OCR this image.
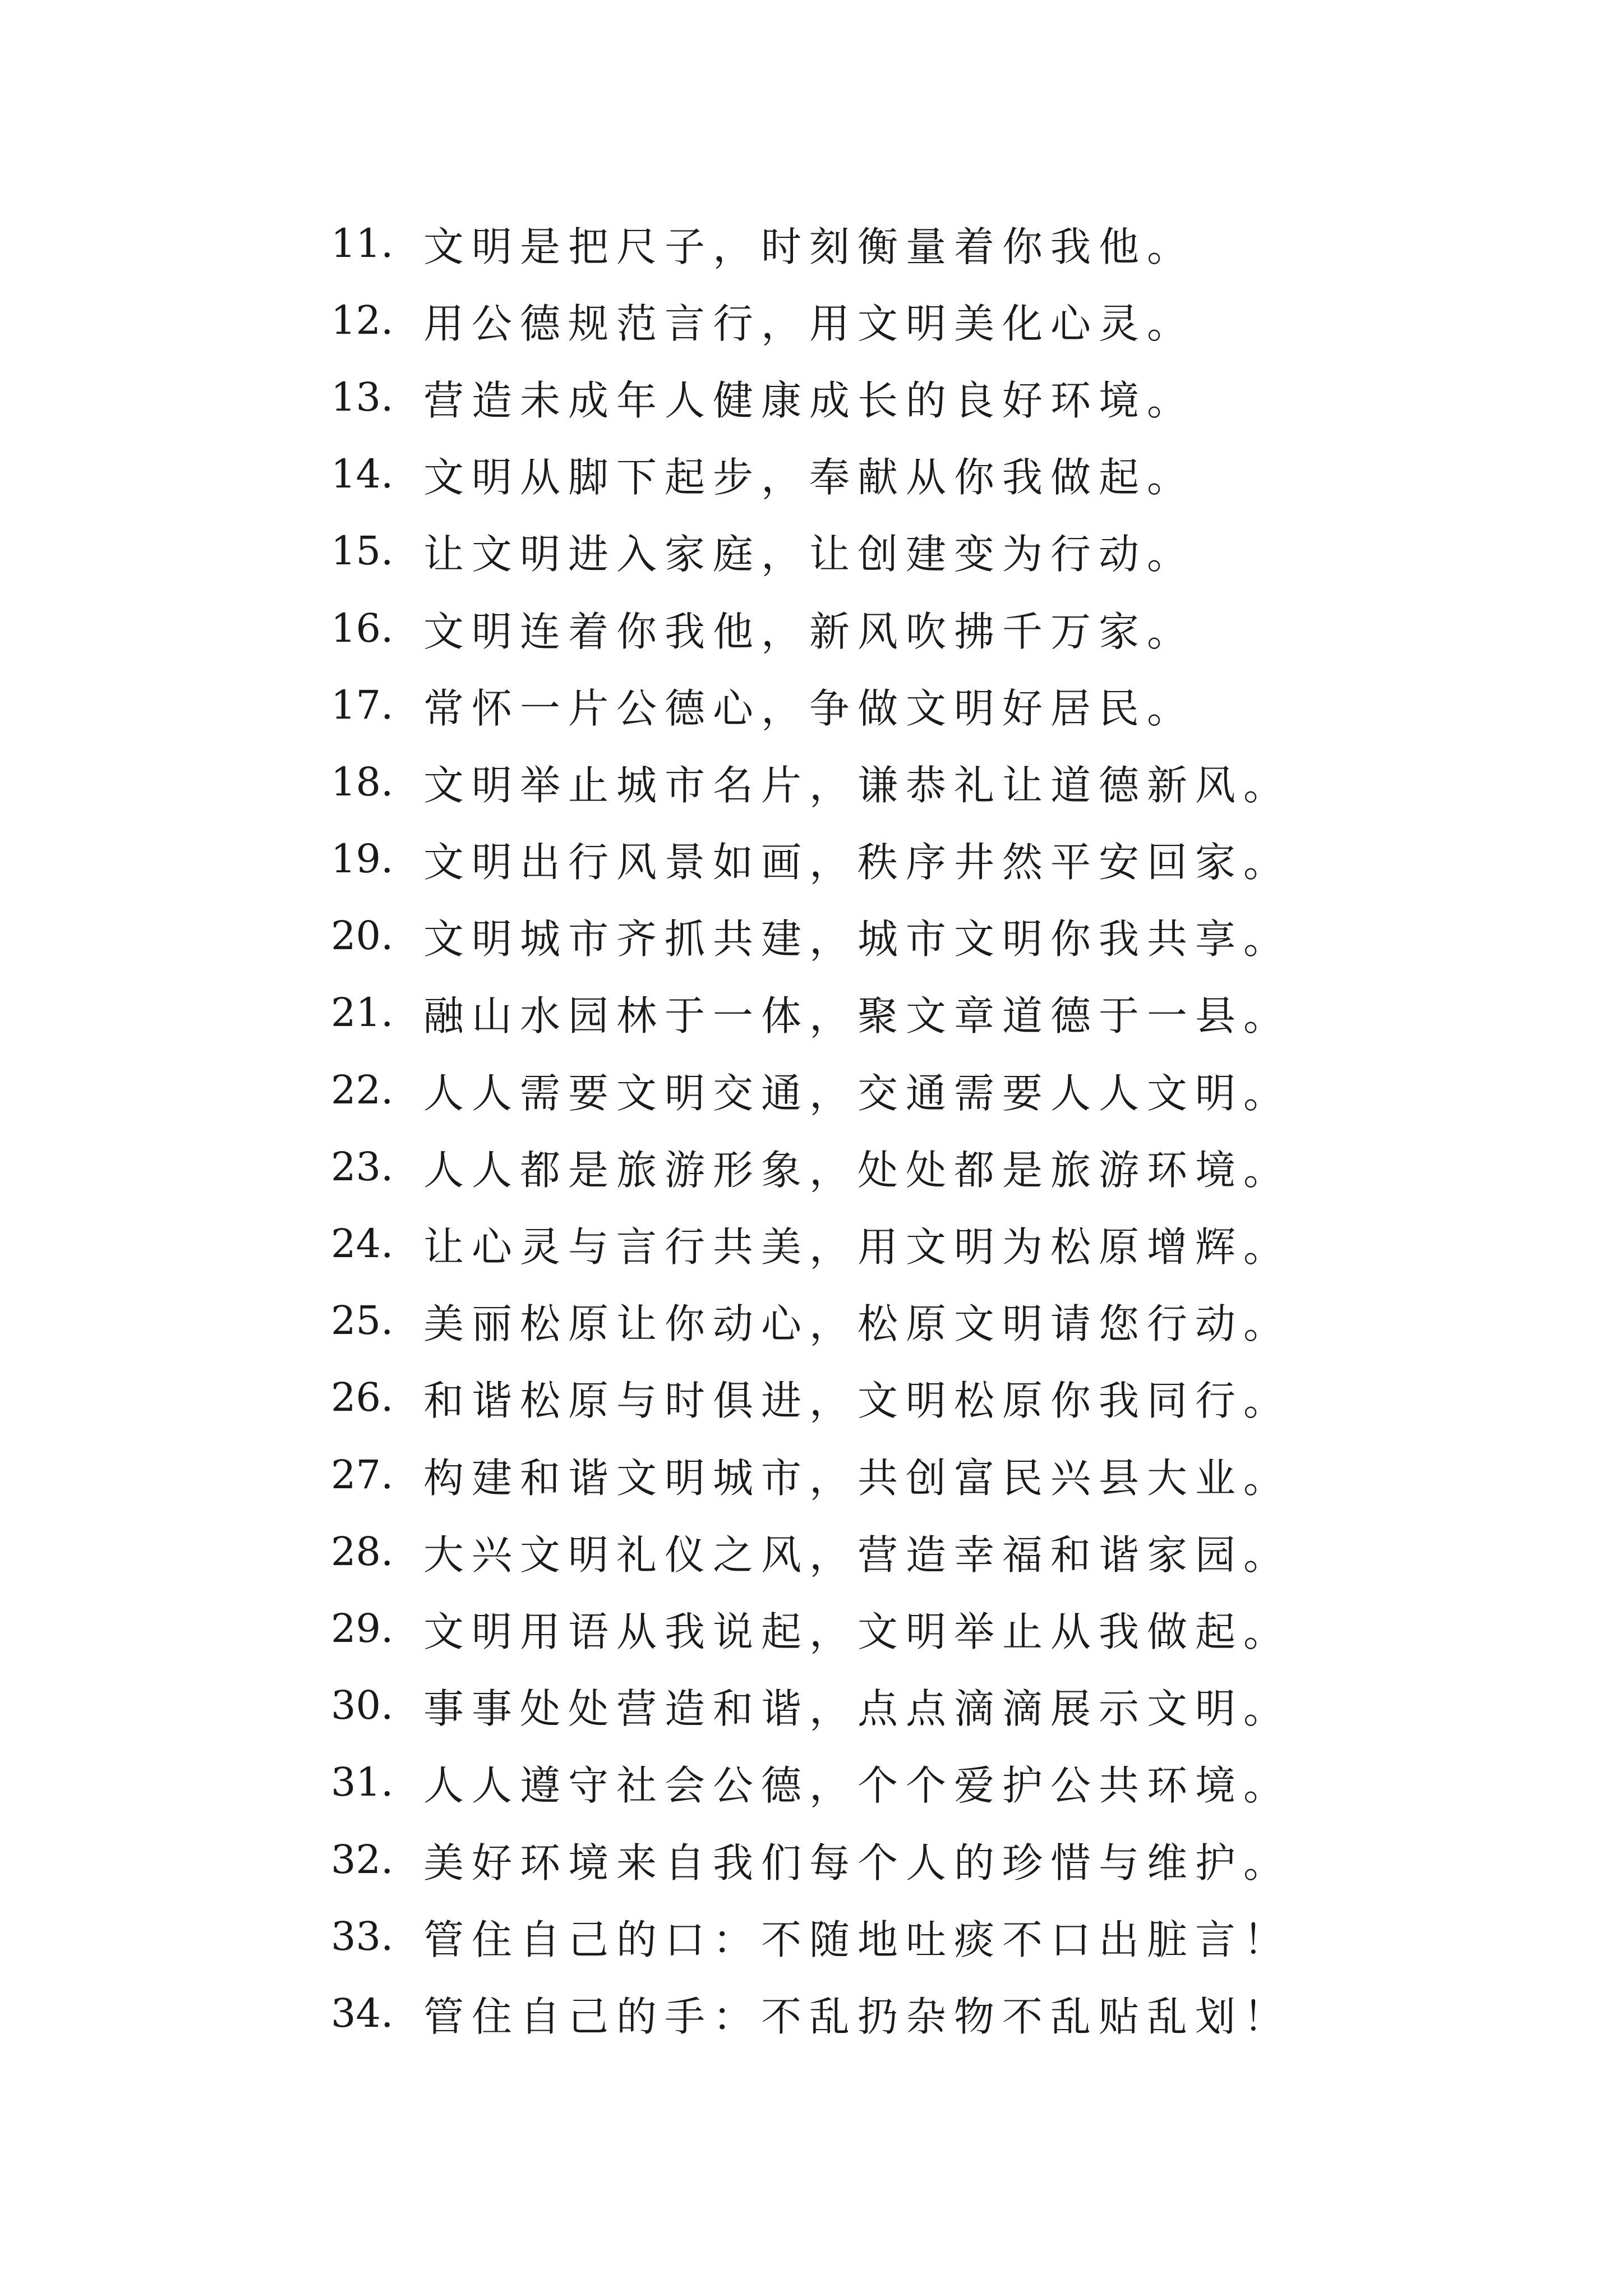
11. 文明是把尺子，时刻衡量着你我他。
12. 用公德规范言行，用文明美化心灵。
13. 营造未成年人健康成长的良好环境。
14. 文明从脚下起步，奉献从你我做起。
15. 让文明进入家庭，让创建变为行动。
16. 文明连着你我他，新风吹拂千万家。
17. 常怀一片公德心，争做文明好居民。
18. 文明举止城市名片，谦恭礼让道德新风。
19. 文明出行风景如画，秩序井然平安回家。
20. 文明城市齐抓共建，城市文明你我共享。
21. 融山水园林于一体，聚文章道德于一县。
22. 人人需要文明交通，交通需要人人文明。
23. 人人都是旅游形象，处处都是旅游环境。
24. 让心灵与言行共美，用文明为松原增辉。
25. 美丽松原让你动心，松原文明请您行动。
26. 和谐松原与时俱进，文明松原你我同行。
27. 构建和谐文明城市，共创富民兴县大业。
28. 大兴文明礼仪之风，营造幸福和谐家园。
29. 文明用语从我说起，文明举止从我做起。
30. 事事处处营造和谐，点点滴滴展示文明。
31. 人人遵守社会公德，个个爱护公共环境。
32. 美好环境来自我们每个人的珍惜与维护。
33. 管住自己的口：不随地吐痰不口出脏言！
34. 管住自己的手：不乱扔杂物不乱贴乱划！
